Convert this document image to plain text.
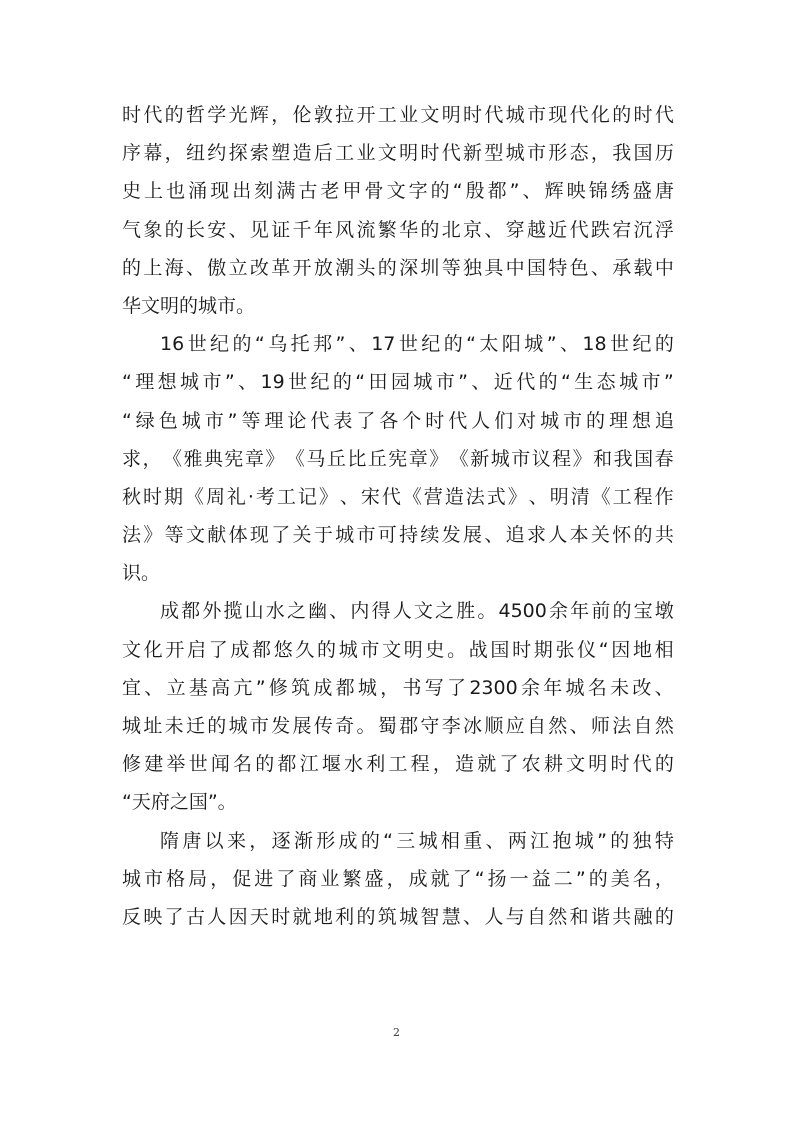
时 代 的 哲 学 光 辉 ， 伦 敦 拉 开 工 业 文 明 时 代 城 市 现 代 化 的 时 代
序 幕 ， 纽 约 探 索 塑 造 后 工 业 文 明 时 代 新 型 城 市 形 态 ， 我 国 历
史 上 也 涌 现 出 刻 满 古 老 甲 骨 文 字 的 “ 殷 都 ” 、 辉 映 锦 绣 盛 唐
气 象 的 长 安 、 见 证 千 年 风 流 繁 华 的 北 京 、 穿 越 近 代 跌 宕 沉 浮
的 上 海 、 傲 立 改 革 开 放 潮 头 的 深 圳 等 独 具 中 国 特 色 、 承 载 中
华文明的城市。
16 世 纪 的 “ 乌 托 邦 ” 、 17 世 纪 的 “ 太 阳 城 ” 、 18 世 纪 的
“ 理 想 城 市 ” 、 19 世 纪 的 “ 田 园 城 市 ” 、 近 代 的 “ 生 态 城 市 ”
“ 绿 色 城 市 ” 等 理 论 代 表 了 各 个 时 代 人 们 对 城 市 的 理 想 追
求 ， 《 雅 典 宪 章 》 《 马 丘 比 丘 宪 章 》 《 新 城 市 议 程 》 和 我 国 春
秋 时 期 《 周 礼 · 考 工 记 》 、 宋 代 《 营 造 法 式 》 、 明 清 《 工 程 作
法 》 等 文 献 体 现 了 关 于 城 市 可 持 续 发 展 、 追 求 人 本 关 怀 的 共
识。
成 都 外 揽 山 水 之 幽 、 内 得 人 文 之 胜 。 4500 余 年 前 的 宝 墩
文 化 开 启 了 成 都 悠 久 的 城 市 文 明 史 。 战 国 时 期 张 仪 “ 因 地 相
宜 、 立 基 高 亢 ” 修 筑 成 都 城 ， 书 写 了 2300 余 年 城 名 未 改 、
城 址 未 迁 的 城 市 发 展 传 奇 。 蜀 郡 守 李 冰 顺 应 自 然 、 师 法 自 然
修 建 举 世 闻 名 的 都 江 堰 水 利 工 程 ， 造 就 了 农 耕 文 明 时 代 的
“天府之国”。
隋 唐 以 来 ， 逐 渐 形 成 的 “ 三 城 相 重 、 两 江 抱 城 ” 的 独 特
城 市 格 局 ， 促 进 了 商 业 繁 盛 ， 成 就 了 “ 扬 一 益 二 ” 的 美 名 ，
反 映 了 古 人 因 天 时 就 地 利 的 筑 城 智 慧 、 人 与 自 然 和 谐 共 融 的
2
